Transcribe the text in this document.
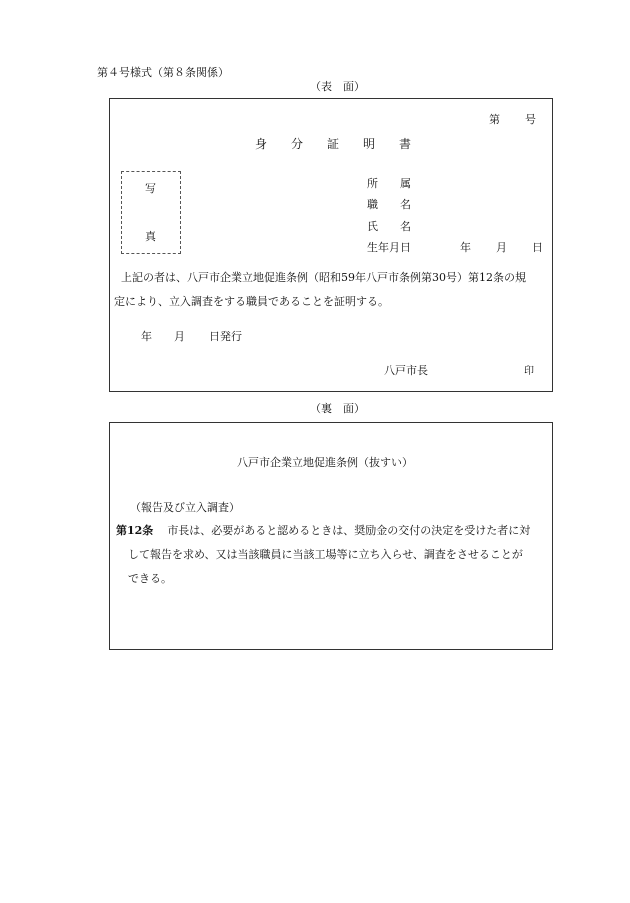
第４号様式（第８条関係）
（表　面）
第 号
身　　分　　証　　明　　書
写
真
所　　属
職　　名
氏　　名
生年月日	年 月 日
上記の者は、八戸市企業立地促進条例（昭和59年八戸市条例第30号）第12条の規
定により、立入調査をする職員であることを証明する。
年 月 日発行
八戸市長	印
（裏　面）
八戸市企業立地促進条例（抜すい）
（報告及び立入調査）
第12条 市長は、必要があると認めるときは、奨励金の交付の決定を受けた者に対
して報告を求め、又は当該職員に当該工場等に立ち入らせ、調査をさせることが
できる。
